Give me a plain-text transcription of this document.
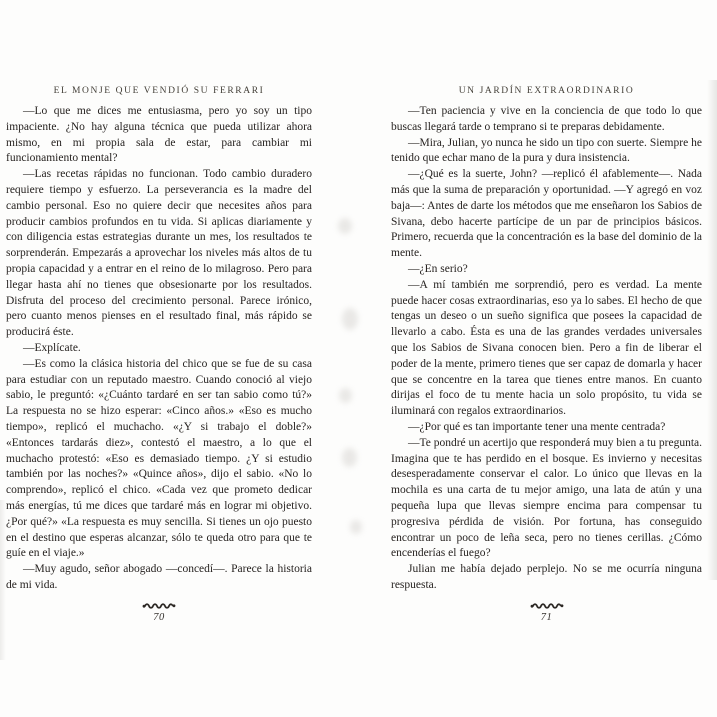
EL MONJE QUE VENDIÓ SU FERRARI

—Lo que me dices me entusiasma, pero yo soy un tipo impaciente. ¿No hay alguna técnica que pueda utilizar ahora mismo, en mi propia sala de estar, para cambiar mi funcionamiento mental?

—Las recetas rápidas no funcionan. Todo cambio duradero requiere tiempo y esfuerzo. La perseverancia es la madre del cambio personal. Eso no quiere decir que necesites años para producir cambios profundos en tu vida. Si aplicas diariamente y con diligencia estas estrategias durante un mes, los resultados te sorprenderán. Empezarás a aprovechar los niveles más altos de tu propia capacidad y a entrar en el reino de lo milagroso. Pero para llegar hasta ahí no tienes que obsesionarte por los resultados. Disfruta del proceso del crecimiento personal. Parece irónico, pero cuanto menos pienses en el resultado final, más rápido se producirá éste.

—Explícate.

—Es como la clásica historia del chico que se fue de su casa para estudiar con un reputado maestro. Cuando conoció al viejo sabio, le preguntó: «¿Cuánto tardaré en ser tan sabio como tú?» La respuesta no se hizo esperar: «Cinco años.» «Eso es mucho tiempo», replicó el muchacho. «¿Y si trabajo el doble?» «Entonces tardarás diez», contestó el maestro, a lo que el muchacho protestó: «Eso es demasiado tiempo. ¿Y si estudio también por las noches?» «Quince años», dijo el sabio. «No lo comprendo», replicó el chico. «Cada vez que prometo dedicar más energías, tú me dices que tardaré más en lograr mi objetivo. ¿Por qué?» «La respuesta es muy sencilla. Si tienes un ojo puesto en el destino que esperas alcanzar, sólo te queda otro para que te guíe en el viaje.»

—Muy agudo, señor abogado —concedí—. Parece la historia de mi vida.

70
UN JARDÍN EXTRAORDINARIO

—Ten paciencia y vive en la conciencia de que todo lo que buscas llegará tarde o temprano si te preparas debidamente.

—Mira, Julian, yo nunca he sido un tipo con suerte. Siempre he tenido que echar mano de la pura y dura insistencia.

—¿Qué es la suerte, John? —replicó él afablemente—. Nada más que la suma de preparación y oportunidad. —Y agregó en voz baja—: Antes de darte los métodos que me enseñaron los Sabios de Sivana, debo hacerte partícipe de un par de principios básicos. Primero, recuerda que la concentración es la base del dominio de la mente.

—¿En serio?

—A mí también me sorprendió, pero es verdad. La mente puede hacer cosas extraordinarias, eso ya lo sabes. El hecho de que tengas un deseo o un sueño significa que posees la capacidad de llevarlo a cabo. Ésta es una de las grandes verdades universales que los Sabios de Sivana conocen bien. Pero a fin de liberar el poder de la mente, primero tienes que ser capaz de domarla y hacer que se concentre en la tarea que tienes entre manos. En cuanto dirijas el foco de tu mente hacia un solo propósito, tu vida se iluminará con regalos extraordinarios.

—¿Por qué es tan importante tener una mente centrada?

—Te pondré un acertijo que responderá muy bien a tu pregunta. Imagina que te has perdido en el bosque. Es invierno y necesitas desesperadamente conservar el calor. Lo único que llevas en la mochila es una carta de tu mejor amigo, una lata de atún y una pequeña lupa que llevas siempre encima para compensar tu progresiva pérdida de visión. Por fortuna, has conseguido encontrar un poco de leña seca, pero no tienes cerillas. ¿Cómo encenderías el fuego?

Julian me había dejado perplejo. No se me ocurría ninguna respuesta.

71
